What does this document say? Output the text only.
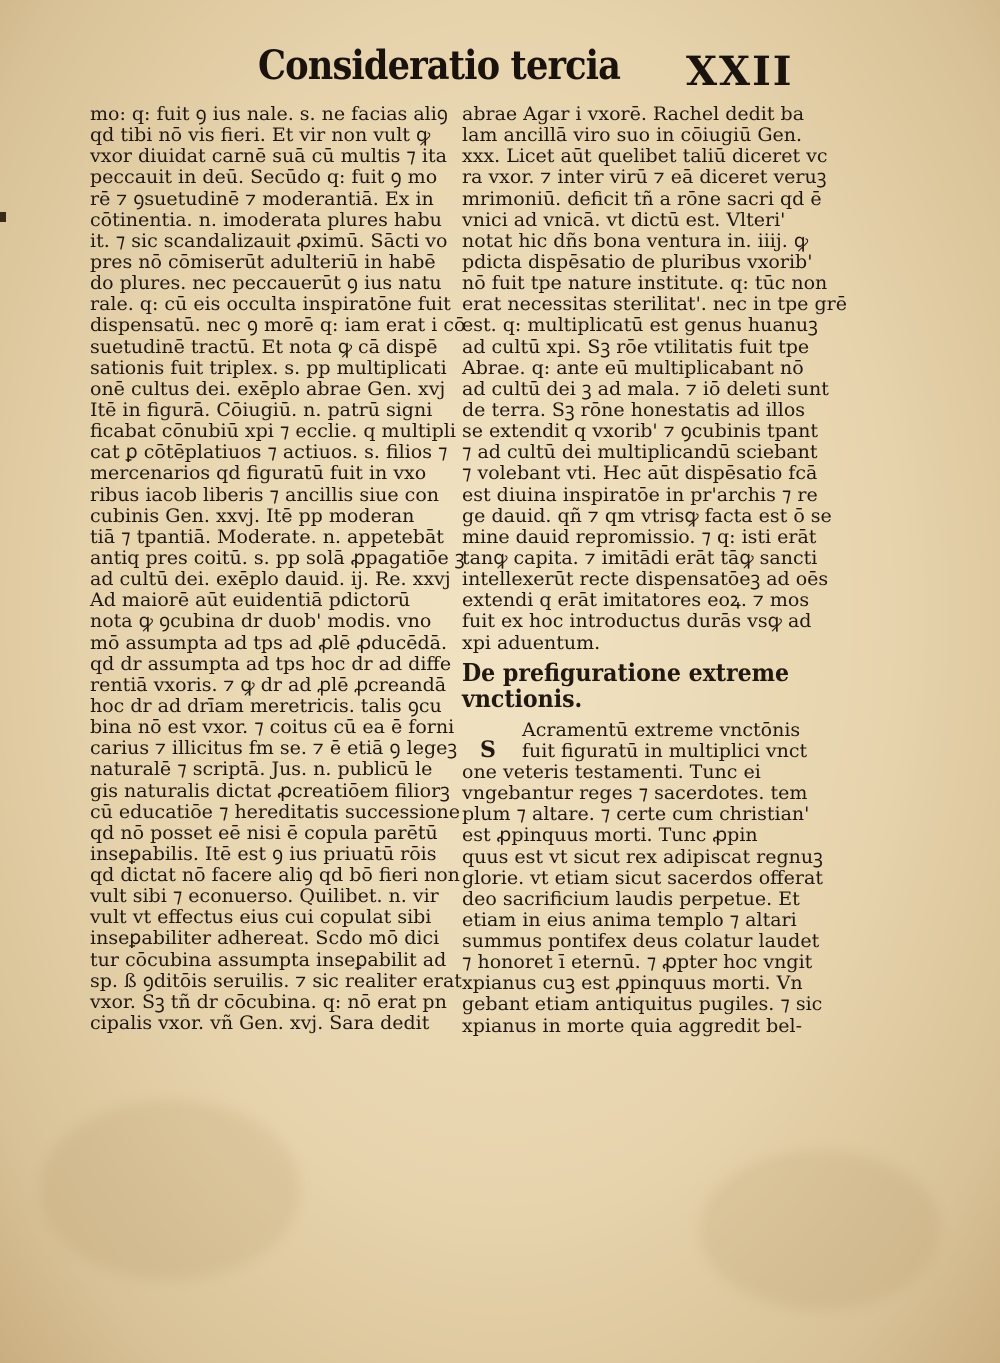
Consideratio tercia XXII
mo: q: fuit ꝯ ius nale. s. ne facias aliꝯ
qd tibi nō vis fieri. Et vir non vult ꝙ
vxor diuidat carnē suā cū multis ⁊ ita
peccauit in deū. Secūdo q: fuit ꝯ mo
rē ⁊ ꝯsuetudinē ⁊ moderantiā. Ex in
cōtinentia. n. imoderata plures habu
it. ⁊ sic scandalizauit ꝓximū. Sācti vo
pres nō cōmiserūt adulteriū in habē
do plures. nec peccauerūt ꝯ ius natu
rale. q: cū eis occulta inspiratōne fuit
dispensatū. nec ꝯ morē q: iam erat i cō
suetudinē tractū. Et nota ꝙ cā dispē
sationis fuit triplex. s. pp multiplicati
onē cultus dei. exēplo abrae Gen. xvj
Itē in figurā. Cōiugiū. n. patrū signi
ficabat cōnubiū xpi ⁊ ecclie. q multipli
cat ꝑ cōtēplatiuos ⁊ actiuos. s. filios ⁊
mercenarios qd figuratū fuit in vxo
ribus iacob liberis ⁊ ancillis siue con
cubinis Gen. xxvj. Itē pp moderan
tiā ⁊ tpantiā. Moderate. n. appetebāt
antiq pres coitū. s. pp solā ꝓpagatiōe ꝫ
ad cultū dei. exēplo dauid. ij. Re. xxvj
Ad maiorē aūt euidentiā pdictorū
nota ꝙ ꝯcubina dr duob' modis. vno
mō assumpta ad tps ad ꝓlē ꝓducēdā.
qd dr assumpta ad tps hoc dr ad diffe
rentiā vxoris. ⁊ ꝙ dr ad ꝓlē ꝓcreandā
hoc dr ad drīam meretricis. talis ꝯcu
bina nō est vxor. ⁊ coitus cū ea ē forni
carius ⁊ illicitus fm se. ⁊ ē etiā ꝯ legeꝫ
naturalē ⁊ scriptā. Jus. n. publicū le
gis naturalis dictat ꝓcreatiōem filiorꝫ
cū educatiōe ⁊ hereditatis successione
qd nō posset eē nisi ē copula parētū
inseꝑabilis. Itē est ꝯ ius priuatū rōis
qd dictat nō facere aliꝯ qd bō fieri non
vult sibi ⁊ econuerso. Quilibet. n. vir
vult vt effectus eius cui copulat sibi
inseꝑabiliter adhereat. Scdo mō dici
tur cōcubina assumpta inseꝑabilit ad
sp. ß ꝯditōis seruilis. ⁊ sic realiter erat
vxor. Sꝫ tñ dr cōcubina. q: nō erat pn
cipalis vxor. vñ Gen. xvj. Sara dedit
abrae Agar i vxorē. Rachel dedit ba
lam ancillā viro suo in cōiugiū Gen.
xxx. Licet aūt quelibet taliū diceret vc
ra vxor. ⁊ inter virū ⁊ eā diceret veruꝫ
mrimoniū. deficit tñ a rōne sacri qd ē
vnici ad vnicā. vt dictū est. Vlteri'
notat hic dñs bona ventura in. iiij. ꝙ
pdicta dispēsatio de pluribus vxorib'
nō fuit tpe nature institute. q: tūc non
erat necessitas sterilitat'. nec in tpe grē
est. q: multiplicatū est genus huanuꝫ
ad cultū xpi. Sꝫ rōe vtilitatis fuit tpe
Abrae. q: ante eū multiplicabant nō
ad cultū dei ꝫ ad mala. ⁊ iō deleti sunt
de terra. Sꝫ rōne honestatis ad illos
se extendit q vxorib' ⁊ ꝯcubinis tpant
⁊ ad cultū dei multiplicandū sciebant
⁊ volebant vti. Hec aūt dispēsatio fcā
est diuina inspiratōe in pr'archis ⁊ re
ge dauid. qñ ⁊ qm vtrisꝙ facta est ō se
mine dauid repromissio. ⁊ q: isti erāt
tanꝙ capita. ⁊ imitādi erāt tāꝙ sancti
intellexerūt recte dispensatōeꝫ ad oēs
extendi q erāt imitatores eoꝝ. ⁊ mos
fuit ex hoc introductus durās vsꝙ ad
xpi aduentum.
De prefiguratione extreme
vnctionis.
S
Acramentū extreme vnctōnis
fuit figuratū in multiplici vnct
one veteris testamenti. Tunc ei
vngebantur reges ⁊ sacerdotes. tem
plum ⁊ altare. ⁊ certe cum christian'
est ꝓpinquus morti. Tunc ꝓpin
quus est vt sicut rex adipiscat regnuꝫ
glorie. vt etiam sicut sacerdos offerat
deo sacrificium laudis perpetue. Et
etiam in eius anima templo ⁊ altari
summus pontifex deus colatur laudet
⁊ honoret ī eternū. ⁊ ꝓpter hoc vngit
xpianus cuꝫ est ꝓpinquus morti. Vn
gebant etiam antiquitus pugiles. ⁊ sic
xpianus in morte quia aggredit bel-
